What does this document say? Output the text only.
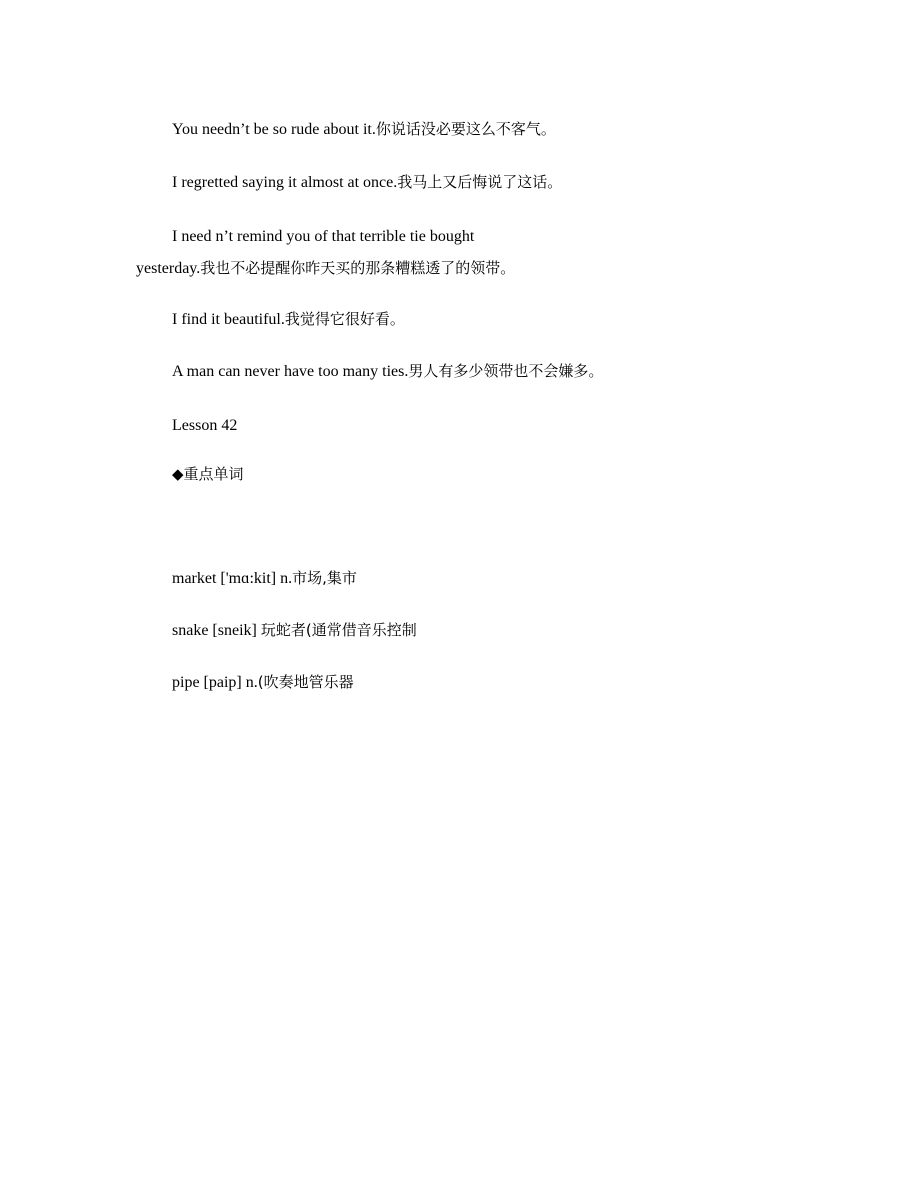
You needn’t be so rude about it.你说话没必要这么不客气。

I regretted saying it almost at once.我马上又后悔说了这话。

I need n’t remind you of that terrible tie bought

yesterday.我也不必提醒你昨天买的那条糟糕透了的领带。

I find it beautiful.我觉得它很好看。

A man can never have too many ties.男人有多少领带也不会嫌多。

Lesson 42

◆重点单词

market ['mɑ:kit] n.市场,集市

snake [sneik] 玩蛇者(通常借音乐控制

pipe [paip] n.(吹奏地管乐器
